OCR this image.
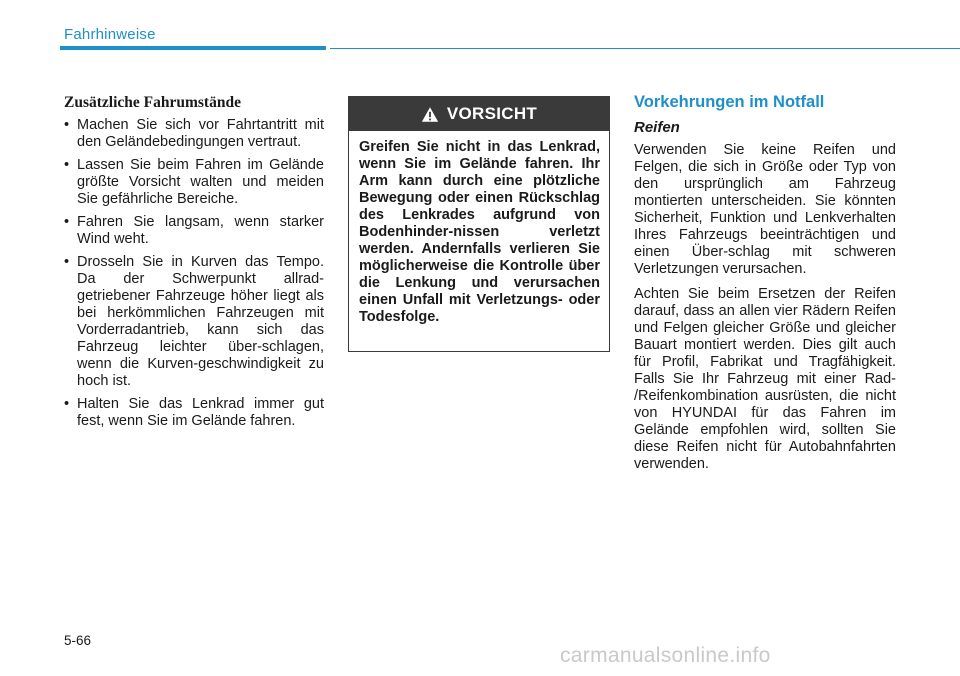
Fahrhinweise
Zusätzliche Fahrumstände
• Machen Sie sich vor Fahrtantritt mit den Geländebedingungen vertraut.
• Lassen Sie beim Fahren im Gelände größte Vorsicht walten und meiden Sie gefährliche Bereiche.
• Fahren Sie langsam, wenn starker Wind weht.
• Drosseln Sie in Kurven das Tempo. Da der Schwerpunkt allrad-getriebener Fahrzeuge höher liegt als bei herkömmlichen Fahrzeugen mit Vorderradantrieb, kann sich das Fahrzeug leichter über-schlagen, wenn die Kurven-geschwindigkeit zu hoch ist.
• Halten Sie das Lenkrad immer gut fest, wenn Sie im Gelände fahren.
VORSICHT
Greifen Sie nicht in das Lenkrad, wenn Sie im Gelände fahren. Ihr Arm kann durch eine plötzliche Bewegung oder einen Rückschlag des Lenkrades aufgrund von Bodenhinder-nissen verletzt werden. Andernfalls verlieren Sie möglicherweise die Kontrolle über die Lenkung und verursachen einen Unfall mit Verletzungs- oder Todesfolge.
Vorkehrungen im Notfall
Reifen

Verwenden Sie keine Reifen und Felgen, die sich in Größe oder Typ von den ursprünglich am Fahrzeug montierten unterscheiden. Sie könnten Sicherheit, Funktion und Lenkverhalten Ihres Fahrzeugs beeinträchtigen und einen Über-schlag mit schweren Verletzungen verursachen.

Achten Sie beim Ersetzen der Reifen darauf, dass an allen vier Rädern Reifen und Felgen gleicher Größe und gleicher Bauart montiert werden. Dies gilt auch für Profil, Fabrikat und Tragfähigkeit. Falls Sie Ihr Fahrzeug mit einer Rad- /Reifenkombination ausrüsten, die nicht von HYUNDAI für das Fahren im Gelände empfohlen wird, sollten Sie diese Reifen nicht für Autobahnfahrten verwenden.

5-66
carmanualsonline.info
